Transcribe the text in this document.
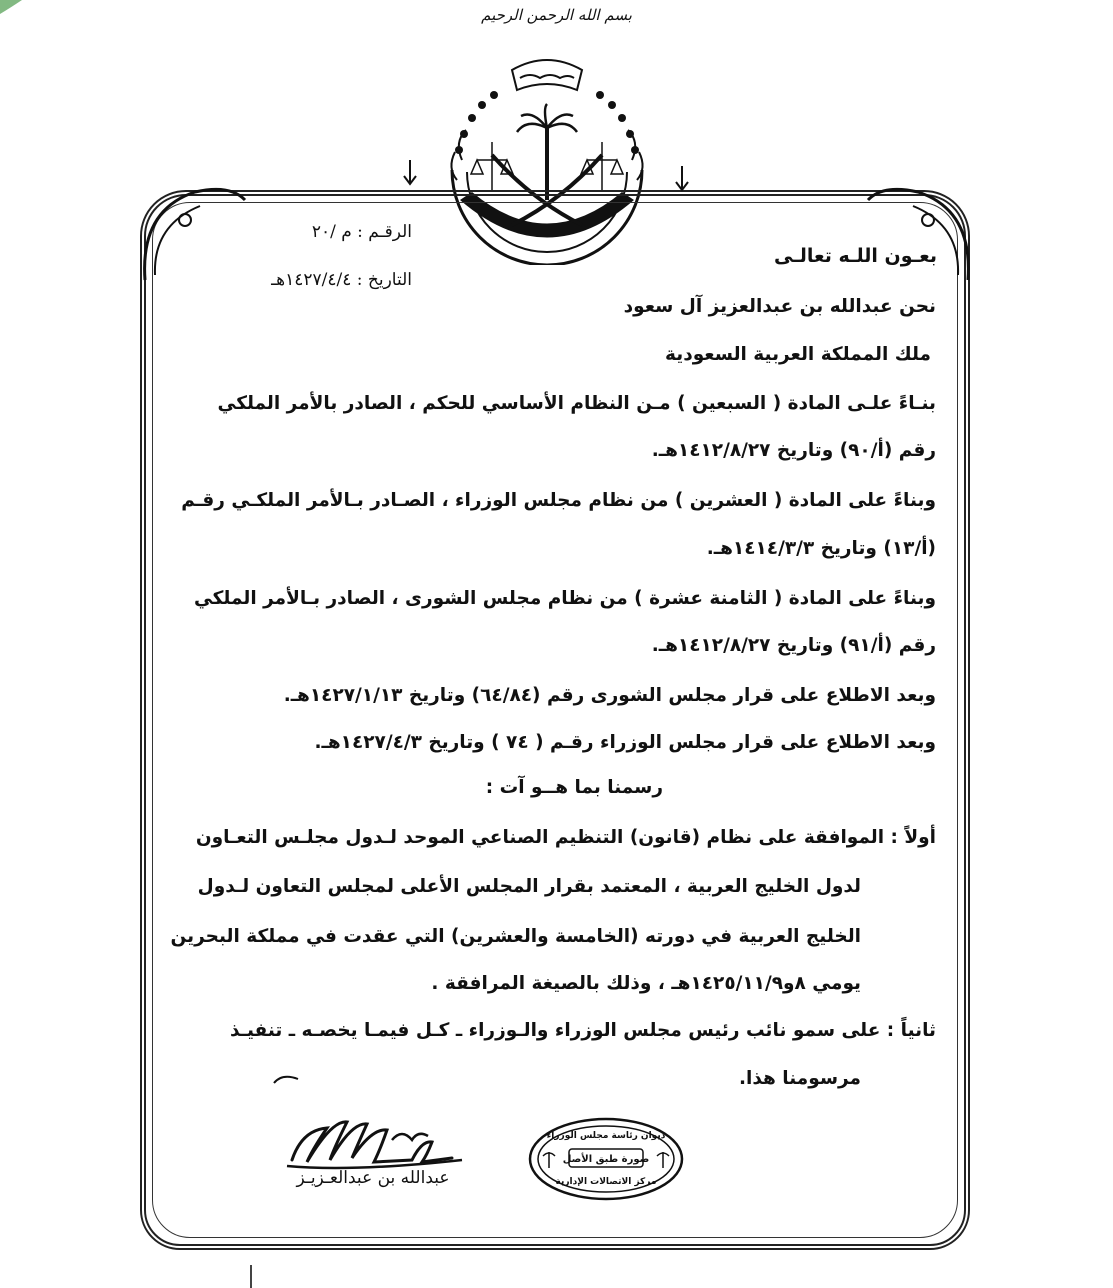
بسم الله الرحمن الرحيم
الرقـم : م /٢٠
التاريخ : ١٤٢٧/٤/٤هـ
بعـون اللـه تعالـى
نحن عبدالله بن عبدالعزيز آل سعود
ملك المملكة العربية السعودية
بنـاءً علـى المادة ( السبعين ) مـن النظام الأساسي للحكم ، الصادر بالأمر الملكي
رقم (أ/٩٠) وتاريخ ١٤١٢/٨/٢٧هـ.
وبناءً على المادة ( العشرين ) من نظام مجلس الوزراء ، الصـادر بـالأمر الملكـي رقـم
(أ/١٣) وتاريخ ١٤١٤/٣/٣هـ.
وبناءً على المادة ( الثامنة عشرة ) من نظام مجلس الشورى ، الصادر بـالأمر الملكي
رقم (أ/٩١) وتاريخ ١٤١٢/٨/٢٧هـ.
وبعد الاطلاع على قرار مجلس الشورى رقم (٦٤/٨٤) وتاريخ ١٤٢٧/١/١٣هـ.
وبعد الاطلاع على قرار مجلس الوزراء رقـم ( ٧٤ ) وتاريخ ١٤٢٧/٤/٣هـ.
رسمنا بما هــو آت :
أولاً : الموافقة على نظام (قانون) التنظيم الصناعي الموحد لـدول مجلـس التعـاون
لدول الخليج العربية ، المعتمد بقرار المجلس الأعلى لمجلس التعاون لـدول
الخليج العربية في دورته (الخامسة والعشرين) التي عقدت في مملكة البحرين
يومي ٨و١٤٢٥/١١/٩هـ ، وذلك بالصيغة المرافقة .
ثانياً : على سمو نائب رئيس مجلس الوزراء والـوزراء ـ كـل فيمـا يخصـه ـ تنفيـذ
مرسومنا هذا.
عبدالله بن عبدالعـزيـز
ديوان رئاسة مجلس الوزراء
صورة طبق الأصل
مركز الاتصالات الإدارية
